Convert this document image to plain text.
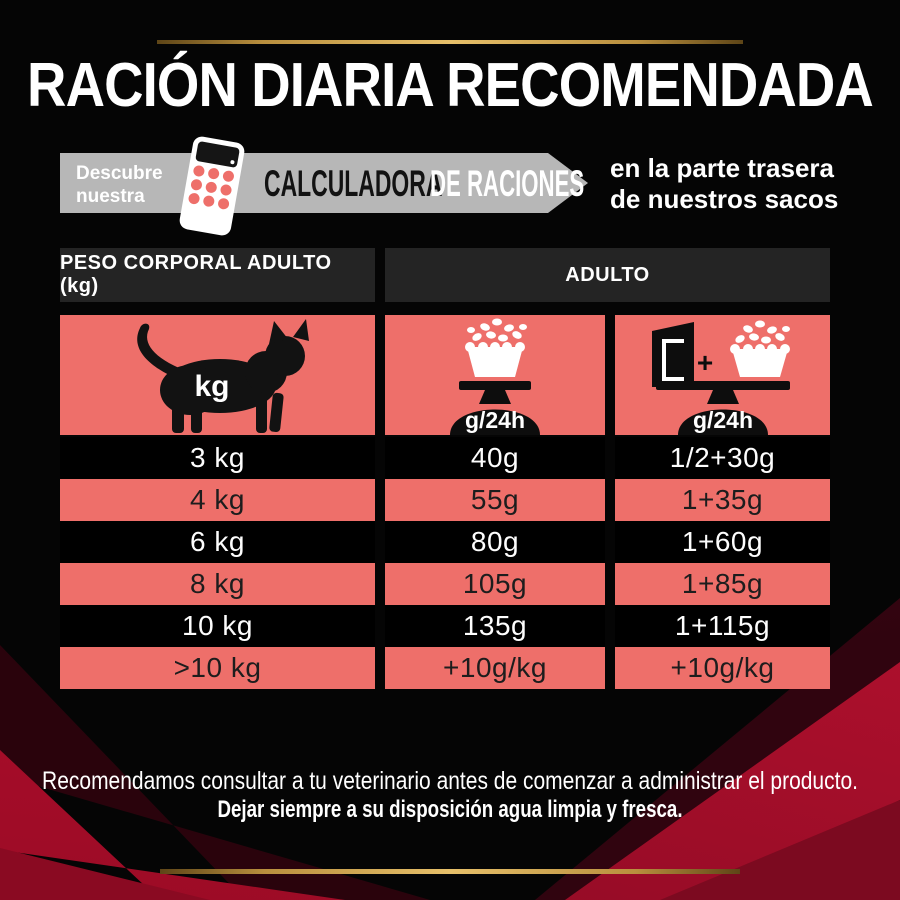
RACIÓN DIARIA RECOMENDADA
Descubre nuestra	CALCULADORA
DE RACIONES en la parte trasera
de nuestros sacos
PESO CORPORAL ADULTO (kg)
ADULTO
kg
g/24h
+
g/24h
3 kg	40g	1/2+30g
4 kg	55g	1+35g
6 kg	80g	1+60g
8 kg	105g	1+85g
10 kg	135g	1+115g
>10 kg	+10g/kg	+10g/kg
Recomendamos consultar a tu veterinario antes de comenzar a administrar el producto.
Dejar siempre a su disposición agua limpia y fresca.
